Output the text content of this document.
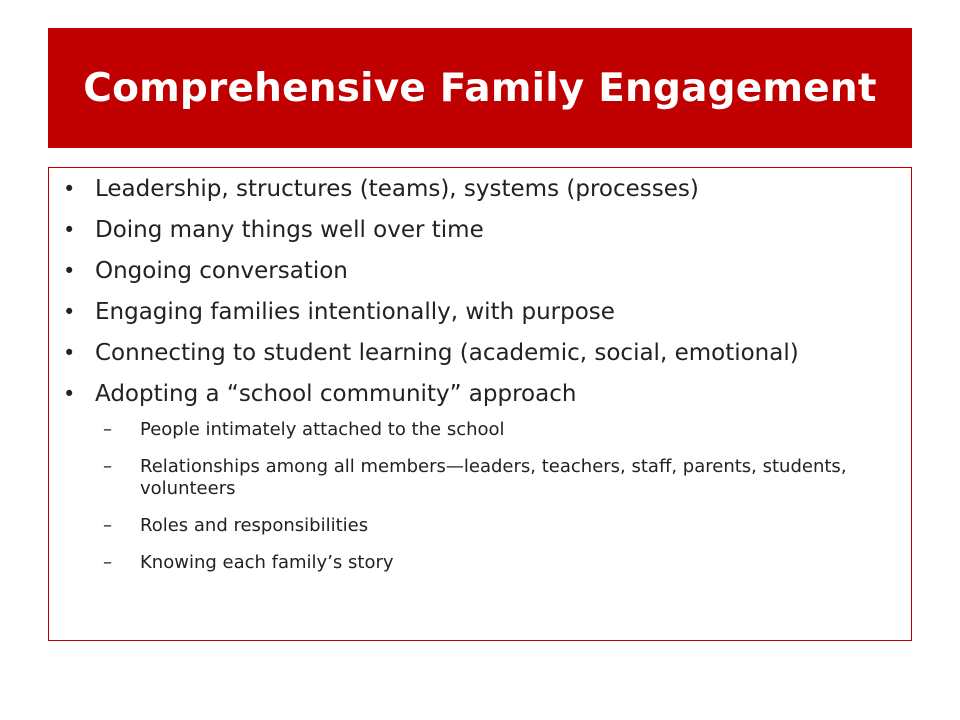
Comprehensive Family Engagement
• Leadership, structures (teams), systems (processes)
• Doing many things well over time
• Ongoing conversation
• Engaging families intentionally, with purpose
• Connecting to student learning (academic, social, emotional)
• Adopting a “school community” approach
– People intimately attached to the school
– Relationships among all members—leaders, teachers, staff, parents, students, volunteers
– Roles and responsibilities
– Knowing each family’s story
